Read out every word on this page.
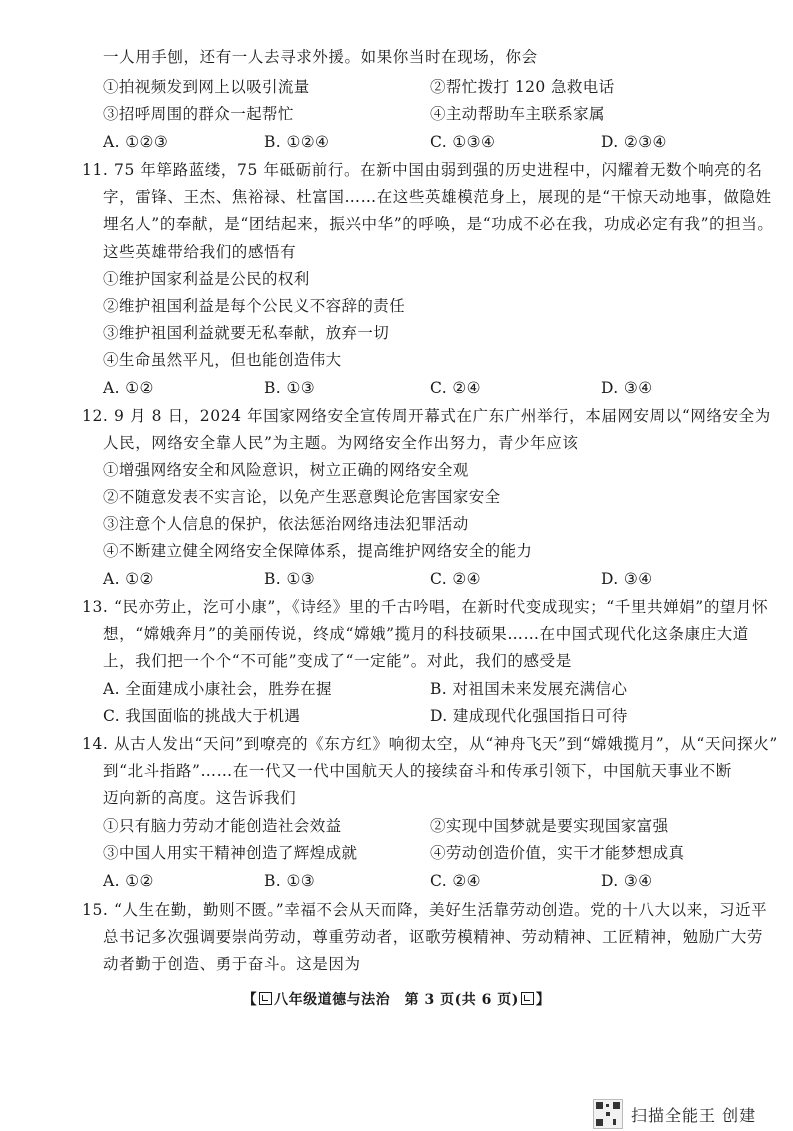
一人用手刨，还有一人去寻求外援。如果你当时在现场，你会
①拍视频发到网上以吸引流量	②帮忙拨打 120 急救电话
③招呼周围的群众一起帮忙	④主动帮助车主联系家属
A. ①②③	B. ①②④	C. ①③④	D. ②③④
11. 75 年筚路蓝缕，75 年砥砺前行。在新中国由弱到强的历史进程中，闪耀着无数个响亮的名
字，雷锋、王杰、焦裕禄、杜富国……在这些英雄模范身上，展现的是“干惊天动地事，做隐姓
埋名人”的奉献，是“团结起来，振兴中华”的呼唤，是“功成不必在我，功成必定有我”的担当。
这些英雄带给我们的感悟有
①维护国家利益是公民的权利
②维护祖国利益是每个公民义不容辞的责任
③维护祖国利益就要无私奉献，放弃一切
④生命虽然平凡，但也能创造伟大
A. ①②	B. ①③	C. ②④	D. ③④
12. 9 月 8 日，2024 年国家网络安全宣传周开幕式在广东广州举行，本届网安周以“网络安全为
人民，网络安全靠人民”为主题。为网络安全作出努力，青少年应该
①增强网络安全和风险意识，树立正确的网络安全观
②不随意发表不实言论，以免产生恶意舆论危害国家安全
③注意个人信息的保护，依法惩治网络违法犯罪活动
④不断建立健全网络安全保障体系，提高维护网络安全的能力
A. ①②	B. ①③	C. ②④	D. ③④
13. “民亦劳止，汔可小康”，《诗经》里的千古吟唱，在新时代变成现实；“千里共婵娟”的望月怀
想，“嫦娥奔月”的美丽传说，终成“嫦娥”揽月的科技硕果……在中国式现代化这条康庄大道
上，我们把一个个“不可能”变成了“一定能”。对此，我们的感受是
A. 全面建成小康社会，胜券在握	B. 对祖国未来发展充满信心
C. 我国面临的挑战大于机遇	D. 建成现代化强国指日可待
14. 从古人发出“天问”到嘹亮的《东方红》响彻太空，从“神舟飞天”到“嫦娥揽月”，从“天问探火”
到“北斗指路”……在一代又一代中国航天人的接续奋斗和传承引领下，中国航天事业不断
迈向新的高度。这告诉我们
①只有脑力劳动才能创造社会效益	②实现中国梦就是要实现国家富强
③中国人用实干精神创造了辉煌成就	④劳动创造价值，实干才能梦想成真
A. ①②	B. ①③	C. ②④	D. ③④
15. “人生在勤，勤则不匮。”幸福不会从天而降，美好生活靠劳动创造。党的十八大以来，习近平
总书记多次强调要崇尚劳动，尊重劳动者，讴歌劳模精神、劳动精神、工匠精神，勉励广大劳
动者勤于创造、勇于奋斗。这是因为
【 八年级道德与法治　第 3 页(共 6 页) 】
扫描全能王 创建
